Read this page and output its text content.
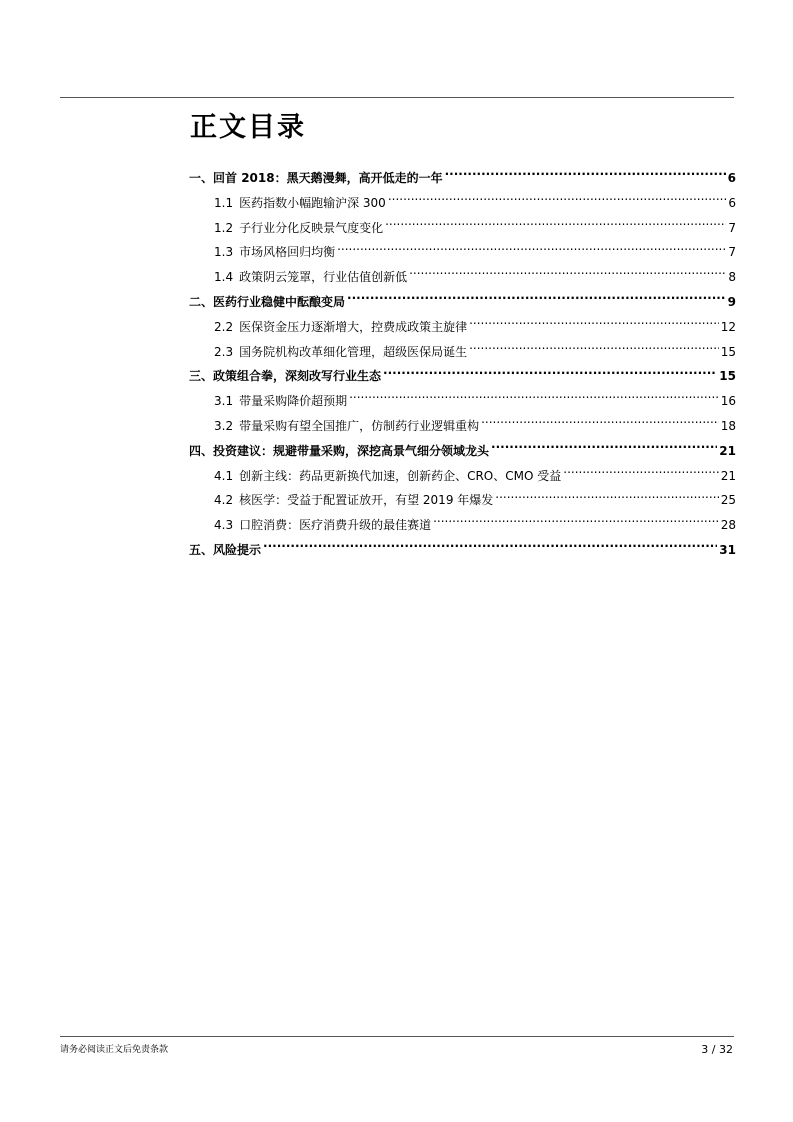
正文目录
一、 回首 2018：黑天鹅漫舞，高开低走的一年 .....	6
1.1 医药指数小幅跑输沪深 300 .....	6
1.2 子行业分化反映景气度变化 .....	7
1.3 市场风格回归均衡 .....	7
1.4 政策阴云笼罩，行业估值创新低 .....	8
二、 医药行业稳健中酝酿变局 .....	9
2.2 医保资金压力逐渐增大，控费成政策主旋律 .....	12
2.3 国务院机构改革细化管理，超级医保局诞生 .....	15
三、 政策组合拳，深刻改写行业生态 .....	15
3.1 带量采购降价超预期 .....	16
3.2 带量采购有望全国推广，仿制药行业逻辑重构 .....	18
四、 投资建议：规避带量采购，深挖高景气细分领域龙头 .....	21
4.1 创新主线：药品更新换代加速，创新药企、CRO、CMO 受益 .....	21
4.2 核医学：受益于配置证放开，有望 2019 年爆发 .....	25
4.3 口腔消费：医疗消费升级的最佳赛道 .....	28
五、 风险提示 .....	31
请务必阅读正文后免责条款	3 / 32
